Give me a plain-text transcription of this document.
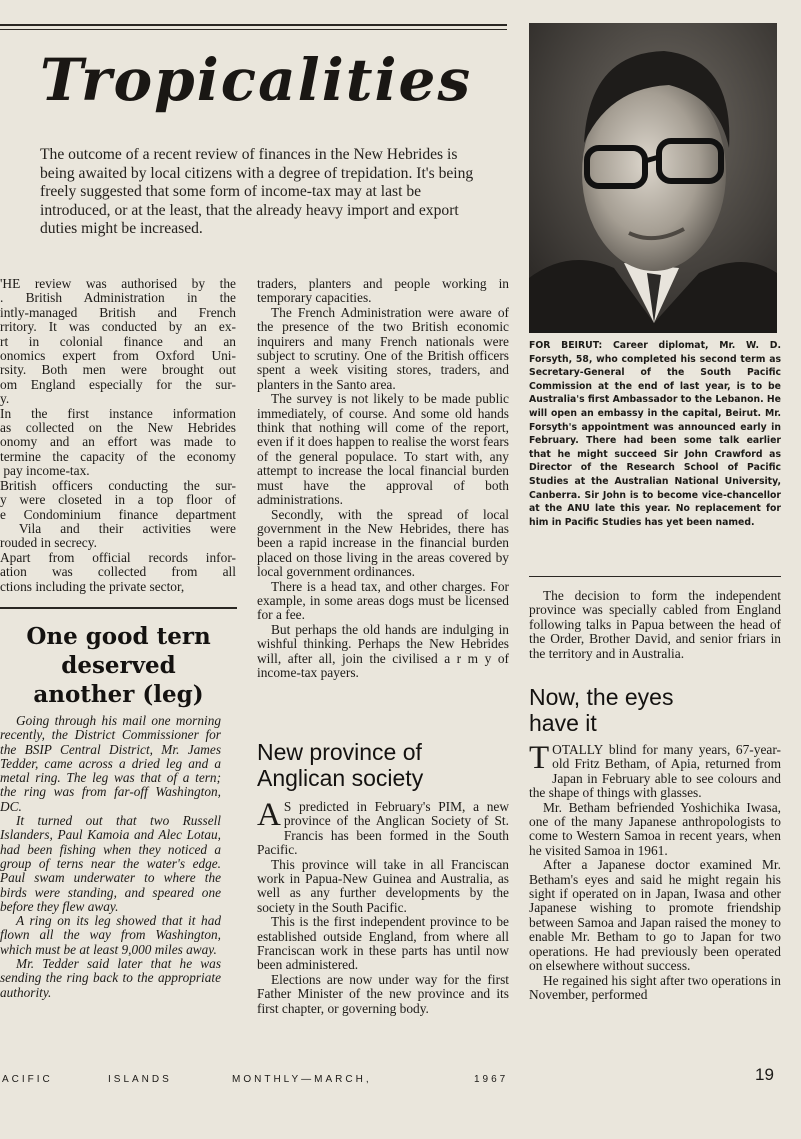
Tropicalities
The outcome of a recent review of finances in the New Hebrides is being awaited by local citizens with a degree of trepidation. It's being freely suggested that some form of income-tax may at last be introduced, or at the least, that the already heavy import and export duties might be increased.
'HE review was authorised by the
. British Administration in the
intly-managed British and French
rritory. It was conducted by an ex-
rt in colonial finance and an
onomics expert from Oxford Uni-
rsity. Both men were brought out
om England especially for the sur-
y.
In the first instance information
as collected on the New Hebrides
onomy and an effort was made to
termine the capacity of the economy
pay income-tax.
British officers conducting the sur-
y were closeted in a top floor of
e Condominium finance department
Vila and their activities were
rouded in secrecy.
Apart from official records infor-
ation was collected from all
ctions including the private sector,

traders, planters and people working in temporary capacities.

The French Administration were aware of the presence of the two British economic inquirers and many French nationals were subject to scrutiny. One of the British officers spent a week visiting stores, traders, and planters in the Santo area.

The survey is not likely to be made public immediately, of course. And some old hands think that nothing will come of the report, even if it does happen to realise the worst fears of the general populace. To start with, any attempt to increase the local financial burden must have the approval of both administrations.

Secondly, with the spread of local government in the New Hebrides, there has been a rapid increase in the financial burden placed on those living in the areas covered by local government ordinances.

There is a head tax, and other charges. For example, in some areas dogs must be licensed for a fee.

But perhaps the old hands are indulging in wishful thinking. Perhaps the New Hebrides will, after all, join the civilised a r m y of income-tax payers.

FOR BEIRUT: Career diplomat, Mr. W. D. Forsyth, 58, who completed his second term as Secretary-General of the South Pacific Commission at the end of last year, is to be Australia's first Ambassador to the Lebanon. He will open an embassy in the capital, Beirut. Mr. Forsyth's appointment was announced early in February. There had been some talk earlier that he might succeed Sir John Crawford as Director of the Research School of Pacific Studies at the Australian National University, Canberra. Sir John is to become vice-chancellor at the ANU late this year. No replacement for him in Pacific Studies has yet been named.
One good tern
deserved
another (leg)

Going through his mail one morning recently, the District Commissioner for the BSIP Central District, Mr. James Tedder, came across a dried leg and a metal ring. The leg was that of a tern; the ring was from far-off Washington, DC.

It turned out that two Russell Islanders, Paul Kamoia and Alec Lotau, had been fishing when they noticed a group of terns near the water's edge. Paul swam underwater to where the birds were standing, and speared one before they flew away.

A ring on its leg showed that it had flown all the way from Washington, which must be at least 9,000 miles away.

Mr. Tedder said later that he was sending the ring back to the appropriate authority.

New province of Anglican society

A S predicted in February's PIM, a new province of the Anglican Society of St. Francis has been formed in the South Pacific.

This province will take in all Franciscan work in Papua-New Guinea and Australia, as well as any further developments by the society in the South Pacific.

This is the first independent province to be established outside England, from where all Franciscan work in these parts has until now been administered.

Elections are now under way for the first Father Minister of the new province and its first chapter, or governing body.

The decision to form the independent province was specially cabled from England following talks in Papua between the head of the Order, Brother David, and senior friars in the territory and in Australia.

Now, the eyes have it

TOTALLY blind for many years, 67-year-old Fritz Betham, of Apia, returned from Japan in February able to see colours and the shape of things with glasses.

Mr. Betham befriended Yoshichika Iwasa, one of the many Japanese anthropologists to come to Western Samoa in recent years, when he visited Samoa in 1961.

After a Japanese doctor examined Mr. Betham's eyes and said he might regain his sight if operated on in Japan, Iwasa and other Japanese wishing to promote friendship between Samoa and Japan raised the money to enable Mr. Betham to go to Japan for two operations. He had previously been operated on elsewhere without success.

He regained his sight after two operations in November, performed

ACIFIC	ISLANDS	MONTHLY—MARCH,	1967	19
